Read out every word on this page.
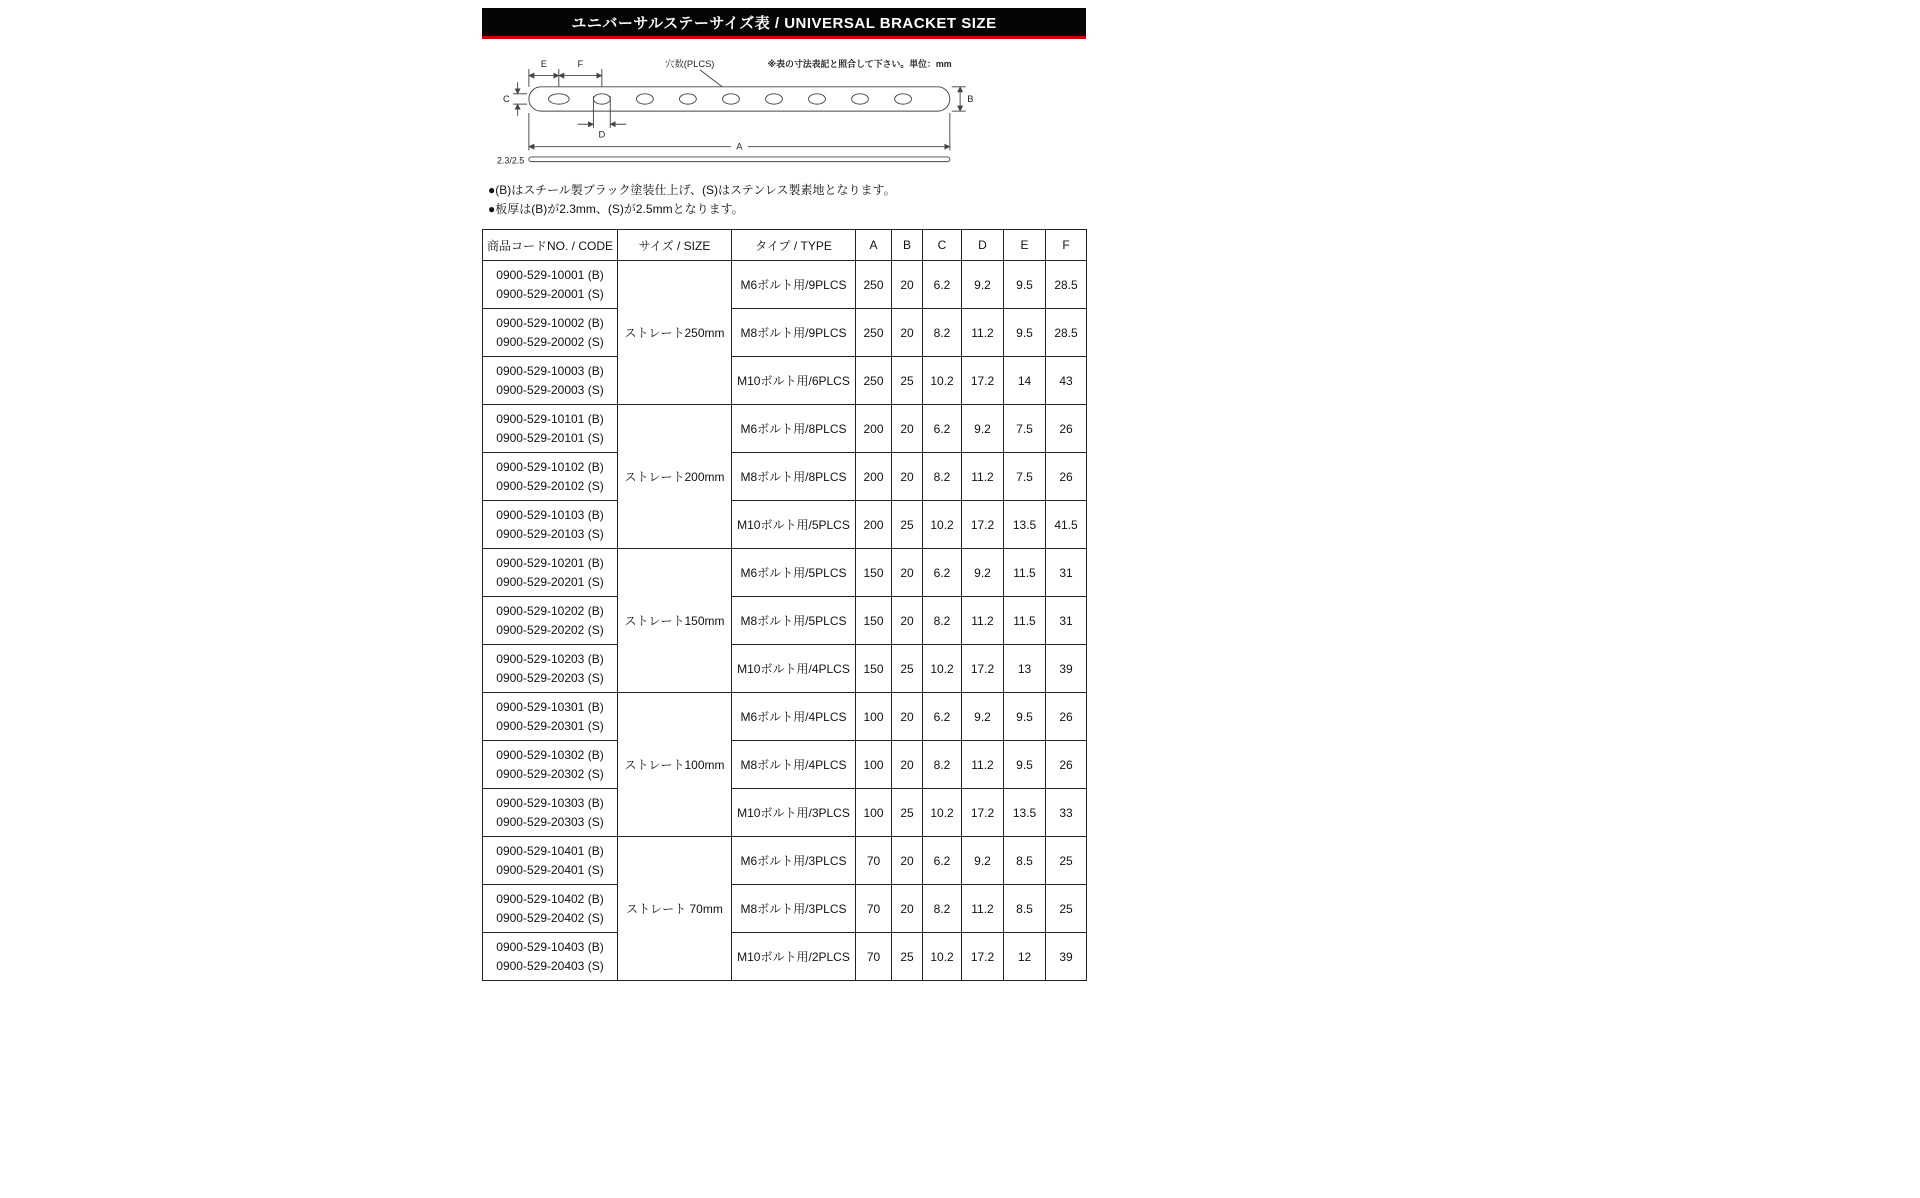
ユニバーサルステーサイズ表 / UNIVERSAL BRACKET SIZE
E	F	穴数(PLCS)	※表の寸法表記と照合して下さい。単位：mm
C	B
D
A
2.3/2.5
●(B)はスチール製ブラック塗装仕上げ、(S)はステンレス製素地となります。
●板厚は(B)が2.3mm、(S)が2.5mmとなります。
商品コードNO. / CODE	サイズ / SIZE	タイプ / TYPE	A	B	C	D	E	F

0900-529-10001 (B)
0900-529-20001 (S)	ストレート250mm	M6ボルト用/9PLCS	250	20	6.2	9.2	9.5	28.5

0900-529-10002 (B)
0900-529-20002 (S)		M8ボルト用/9PLCS	250	20	8.2	11.2	9.5	28.5

0900-529-10003 (B)
0900-529-20003 (S)		M10ボルト用/6PLCS	250	25	10.2	17.2	14	43

0900-529-10101 (B)
0900-529-20101 (S)	ストレート200mm	M6ボルト用/8PLCS	200	20	6.2	9.2	7.5	26

0900-529-10102 (B)
0900-529-20102 (S)		M8ボルト用/8PLCS	200	20	8.2	11.2	7.5	26

0900-529-10103 (B)
0900-529-20103 (S)		M10ボルト用/5PLCS	200	25	10.2	17.2	13.5	41.5

0900-529-10201 (B)
0900-529-20201 (S)	ストレート150mm	M6ボルト用/5PLCS	150	20	6.2	9.2	11.5	31

0900-529-10202 (B)
0900-529-20202 (S)		M8ボルト用/5PLCS	150	20	8.2	11.2	11.5	31

0900-529-10203 (B)
0900-529-20203 (S)		M10ボルト用/4PLCS	150	25	10.2	17.2	13	39

0900-529-10301 (B)
0900-529-20301 (S)	ストレート100mm	M6ボルト用/4PLCS	100	20	6.2	9.2	9.5	26

0900-529-10302 (B)
0900-529-20302 (S)		M8ボルト用/4PLCS	100	20	8.2	11.2	9.5	26

0900-529-10303 (B)
0900-529-20303 (S)		M10ボルト用/3PLCS	100	25	10.2	17.2	13.5	33

0900-529-10401 (B)
0900-529-20401 (S)	ストレート 70mm	M6ボルト用/3PLCS	70	20	6.2	9.2	8.5	25

0900-529-10402 (B)
0900-529-20402 (S)		M8ボルト用/3PLCS	70	20	8.2	11.2	8.5	25

0900-529-10403 (B)
0900-529-20403 (S)		M10ボルト用/2PLCS	70	25	10.2	17.2	12	39
